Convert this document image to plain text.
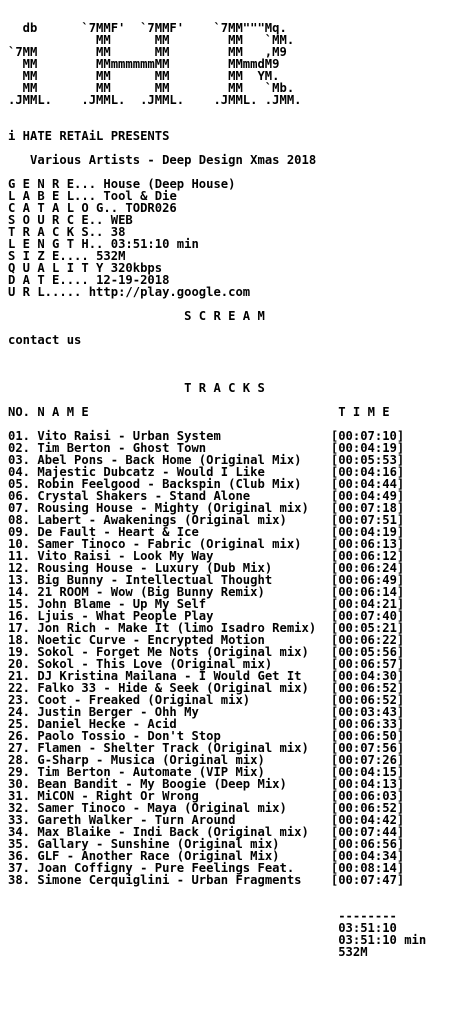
db      `7MMF'  `7MMF'    `7MM"""Mq.
MM      MM        MM   `MM.
`7MM        MM      MM        MM   ,M9
MM        MMmmmmmmMM        MMmmdM9
MM        MM      MM        MM  YM.
MM        MM      MM        MM   `Mb.
.JMML.    .JMML.  .JMML.    .JMML. .JMM.

i HATE RETAiL PRESENTS

Various Artists - Deep Design Xmas 2018

G E N R E... House (Deep House)
L A B E L... Tool & Die
C A T A L O G.. TODR026
S O U R C E.. WEB
T R A C K S.. 38
L E N G T H.. 03:51:10 min
S I Z E.... 532M
Q U A L I T Y 320kbps
D A T E.... 12-19-2018
U R L..... http://play.google.com

S C R E A M

contact us

T R A C K S

NO. N A M E	T I M E

01. Vito Raisi - Urban System	[00:07:10]
02. Tim Berton - Ghost Town	[00:04:19]
03. Abel Pons - Back Home (Original Mix) [00:05:53]
04. Majestic Dubcatz - Would I Like	[00:04:16]
05. Robin Feelgood - Backspin (Club Mix) [00:04:44]
06. Crystal Shakers - Stand Alone	[00:04:49]
07. Rousing House - Mighty (Original mix) [00:07:18]
08. Labert - Awakenings (Original mix)	[00:07:51]
09. De Fault - Heart & Ice	[00:04:19]
10. Samer Tinoco - Fabric (Original mix) [00:06:13]
11. Vito Raisi - Look My Way	[00:06:12]
12. Rousing House - Luxury (Dub Mix)	[00:06:24]
13. Big Bunny - Intellectual Thought	[00:06:49]
14. 21 ROOM - Wow (Big Bunny Remix)	[00:06:14]
15. John Blame - Up My Self	[00:04:21]
16. Ljuis - What People Play	[00:07:40]
17. Jon Rich - Make It (limo Isadro Remix) [00:05:21]
18. Noetic Curve - Encrypted Motion	[00:06:22]
19. Sokol - Forget Me Nots (Original mix) [00:05:56]
20. Sokol - This Love (Original mix)	[00:06:57]
21. DJ Kristina Mailana - I Would Get It [00:04:30]
22. Falko 33 - Hide & Seek (Original mix) [00:06:52]
23. Coot - Freaked (Original mix)	[00:06:52]
24. Justin Berger - Ohh My	[00:03:43]
25. Daniel Hecke - Acid	[00:06:33]
26. Paolo Tossio - Don't Stop	[00:06:50]
27. Flamen - Shelter Track (Original mix) [00:07:56]
28. G-Sharp - Musica (Original mix)	[00:07:26]
29. Tim Berton - Automate (VIP Mix)	[00:04:15]
30. Bean Bandit - My Boogie (Deep Mix)	[00:04:13]
31. MiCON - Right Or Wrong	[00:06:03]
32. Samer Tinoco - Maya (Original mix)	[00:06:52]
33. Gareth Walker - Turn Around	[00:04:42]
34. Max Blaike - Indi Back (Original mix) [00:07:44]
35. Gallary - Sunshine (Original mix)	[00:06:56]
36. GLF - Another Race (Original Mix)	[00:04:34]
37. Joan Coffigny - Pure Feelings Feat.	[00:08:14]
38. Simone Cerquiglini - Urban Fragments [00:07:47]

--------
03:51:10
03:51:10 min
532M
